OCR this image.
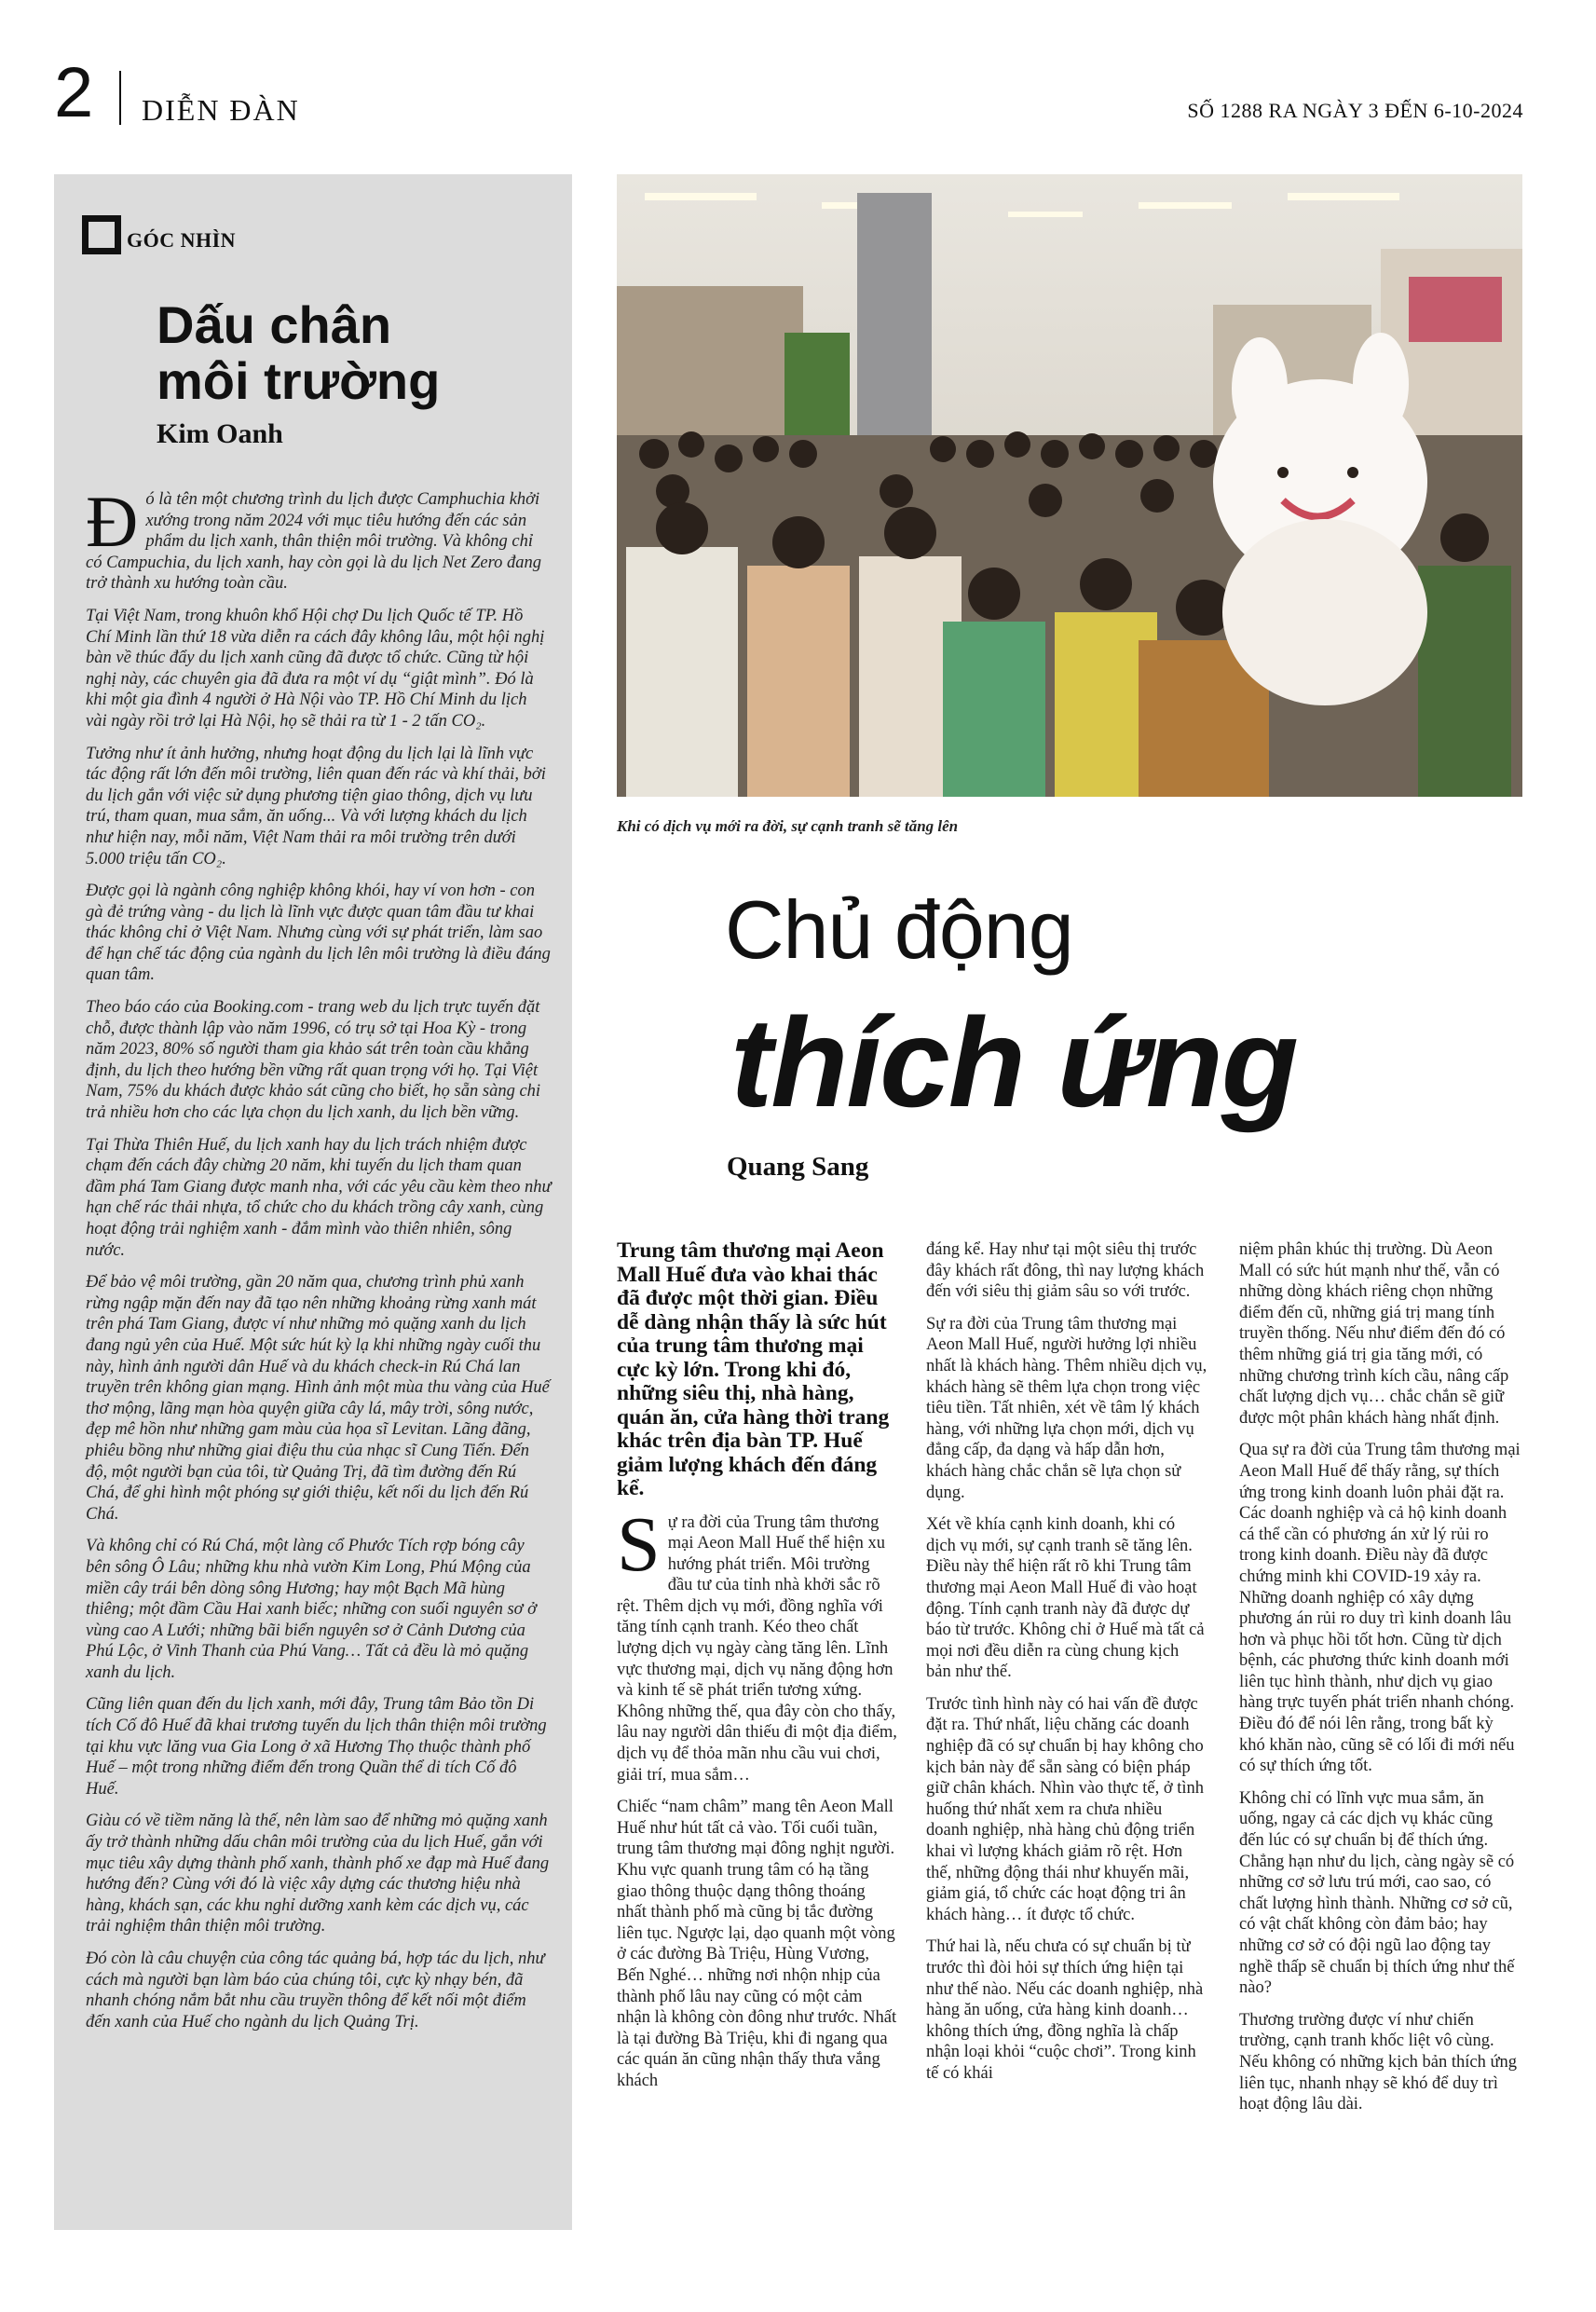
2 DIỄN ĐÀN	SỐ 1288 RA NGÀY 3 ĐẾN 6-10-2024
GÓC NHÌN
Dấu chân
môi trường
Kim Oanh

Đó là tên một chương trình du lịch được Camphuchia khởi xướng trong năm 2024 với mục tiêu hướng đến các sản phẩm du lịch xanh, thân thiện môi trường. Và không chỉ có Campuchia, du lịch xanh, hay còn gọi là du lịch Net Zero đang trở thành xu hướng toàn cầu.

Tại Việt Nam, trong khuôn khổ Hội chợ Du lịch Quốc tế TP. Hồ Chí Minh lần thứ 18 vừa diễn ra cách đây không lâu, một hội nghị bàn về thúc đẩy du lịch xanh cũng đã được tổ chức. Cũng từ hội nghị này, các chuyên gia đã đưa ra một ví dụ “giật mình”. Đó là khi một gia đình 4 người ở Hà Nội vào TP. Hồ Chí Minh du lịch vài ngày rồi trở lại Hà Nội, họ sẽ thải ra từ 1 - 2 tấn CO₂.

Tưởng như ít ảnh hưởng, nhưng hoạt động du lịch lại là lĩnh vực tác động rất lớn đến môi trường, liên quan đến rác và khí thải, bởi du lịch gắn với việc sử dụng phương tiện giao thông, dịch vụ lưu trú, tham quan, mua sắm, ăn uống... Và với lượng khách du lịch như hiện nay, mỗi năm, Việt Nam thải ra môi trường trên dưới 5.000 triệu tấn CO₂.

Được gọi là ngành công nghiệp không khói, hay ví von hơn - con gà đẻ trứng vàng - du lịch là lĩnh vực được quan tâm đầu tư khai thác không chỉ ở Việt Nam. Nhưng cùng với sự phát triển, làm sao để hạn chế tác động của ngành du lịch lên môi trường là điều đáng quan tâm.

Theo báo cáo của Booking.com - trang web du lịch trực tuyến đặt chỗ, được thành lập vào năm 1996, có trụ sở tại Hoa Kỳ - trong năm 2023, 80% số người tham gia khảo sát trên toàn cầu khẳng định, du lịch theo hướng bền vững rất quan trọng với họ. Tại Việt Nam, 75% du khách được khảo sát cũng cho biết, họ sẵn sàng chi trả nhiều hơn cho các lựa chọn du lịch xanh, du lịch bền vững.

Tại Thừa Thiên Huế, du lịch xanh hay du lịch trách nhiệm được chạm đến cách đây chừng 20 năm, khi tuyến du lịch tham quan đầm phá Tam Giang được manh nha, với các yêu cầu kèm theo như hạn chế rác thải nhựa, tổ chức cho du khách trồng cây xanh, cùng hoạt động trải nghiệm xanh - đắm mình vào thiên nhiên, sông nước.

Để bảo vệ môi trường, gần 20 năm qua, chương trình phủ xanh rừng ngập mặn đến nay đã tạo nên những khoảng rừng xanh mát trên phá Tam Giang, được ví như những mỏ quặng xanh du lịch đang ngủ yên của Huế. Một sức hút kỳ lạ khi những ngày cuối thu này, hình ảnh người dân Huế và du khách check-in Rú Chá lan truyền trên không gian mạng. Hình ảnh một mùa thu vàng của Huế thơ mộng, lãng mạn hòa quyện giữa cây lá, mây trời, sông nước, đẹp mê hồn như những gam màu của họa sĩ Levitan. Lãng đãng, phiêu bồng như những giai điệu thu của nhạc sĩ Cung Tiến. Đến độ, một người bạn của tôi, từ Quảng Trị, đã tìm đường đến Rú Chá, để ghi hình một phóng sự giới thiệu, kết nối du lịch đến Rú Chá.

Và không chỉ có Rú Chá, một làng cổ Phước Tích rợp bóng cây bên sông Ô Lâu; những khu nhà vườn Kim Long, Phú Mộng của miền cây trái bên dòng sông Hương; hay một Bạch Mã hùng thiêng; một đầm Cầu Hai xanh biếc; những con suối nguyên sơ ở vùng cao A Lưới; những bãi biển nguyên sơ ở Cảnh Dương của Phú Lộc, ở Vinh Thanh của Phú Vang… Tất cả đều là mỏ quặng xanh du lịch.

Cũng liên quan đến du lịch xanh, mới đây, Trung tâm Bảo tồn Di tích Cố đô Huế đã khai trương tuyến du lịch thân thiện môi trường tại khu vực lăng vua Gia Long ở xã Hương Thọ thuộc thành phố Huế – một trong những điểm đến trong Quần thể di tích Cố đô Huế.

Giàu có về tiềm năng là thế, nên làm sao để những mỏ quặng xanh ấy trở thành những dấu chân môi trường của du lịch Huế, gắn với mục tiêu xây dựng thành phố xanh, thành phố xe đạp mà Huế đang hướng đến? Cùng với đó là việc xây dựng các thương hiệu nhà hàng, khách sạn, các khu nghỉ dưỡng xanh kèm các dịch vụ, các trải nghiệm thân thiện môi trường.

Đó còn là câu chuyện của công tác quảng bá, hợp tác du lịch, như cách mà người bạn làm báo của chúng tôi, cực kỳ nhạy bén, đã nhanh chóng nắm bắt nhu cầu truyền thông để kết nối một điểm đến xanh của Huế cho ngành du lịch Quảng Trị.

Khi có dịch vụ mới ra đời, sự cạnh tranh sẽ tăng lên
Chủ động
thích ứng
Quang Sang

Trung tâm thương mại Aeon Mall Huế đưa vào khai thác đã được một thời gian. Điều dễ dàng nhận thấy là sức hút của trung tâm thương mại cực kỳ lớn. Trong khi đó, những siêu thị, nhà hàng, quán ăn, cửa hàng thời trang khác trên địa bàn TP. Huế giảm lượng khách đến đáng kể.

Sự ra đời của Trung tâm thương mại Aeon Mall Huế thể hiện xu hướng phát triển. Môi trường đầu tư của tỉnh nhà khởi sắc rõ rệt. Thêm dịch vụ mới, đồng nghĩa với tăng tính cạnh tranh. Kéo theo chất lượng dịch vụ ngày càng tăng lên. Lĩnh vực thương mại, dịch vụ năng động hơn và kinh tế sẽ phát triển tương xứng. Không những thế, qua đây còn cho thấy, lâu nay người dân thiếu đi một địa điểm, dịch vụ để thỏa mãn nhu cầu vui chơi, giải trí, mua sắm…

Chiếc “nam châm” mang tên Aeon Mall Huế như hút tất cả vào. Tối cuối tuần, trung tâm thương mại đông nghịt người. Khu vực quanh trung tâm có hạ tầng giao thông thuộc dạng thông thoáng nhất thành phố mà cũng bị tắc đường liên tục. Ngược lại, dạo quanh một vòng ở các đường Bà Triệu, Hùng Vương, Bến Nghé… những nơi nhộn nhịp của thành phố lâu nay cũng có một cảm nhận là không còn đông như trước. Nhất là tại đường Bà Triệu, khi đi ngang qua các quán ăn cũng nhận thấy thưa vắng khách

đáng kể. Hay như tại một siêu thị trước đây khách rất đông, thì nay lượng khách đến với siêu thị giảm sâu so với trước.

Sự ra đời của Trung tâm thương mại Aeon Mall Huế, người hưởng lợi nhiều nhất là khách hàng. Thêm nhiều dịch vụ, khách hàng sẽ thêm lựa chọn trong việc tiêu tiền. Tất nhiên, xét về tâm lý khách hàng, với những lựa chọn mới, dịch vụ đẳng cấp, đa dạng và hấp dẫn hơn, khách hàng chắc chắn sẽ lựa chọn sử dụng.

Xét về khía cạnh kinh doanh, khi có dịch vụ mới, sự cạnh tranh sẽ tăng lên. Điều này thể hiện rất rõ khi Trung tâm thương mại Aeon Mall Huế đi vào hoạt động. Tính cạnh tranh này đã được dự báo từ trước. Không chỉ ở Huế mà tất cả mọi nơi đều diễn ra cùng chung kịch bản như thế.

Trước tình hình này có hai vấn đề được đặt ra. Thứ nhất, liệu chăng các doanh nghiệp đã có sự chuẩn bị hay không cho kịch bản này để sẵn sàng có biện pháp giữ chân khách. Nhìn vào thực tế, ở tình huống thứ nhất xem ra chưa nhiều doanh nghiệp, nhà hàng chủ động triển khai vì lượng khách giảm rõ rệt. Hơn thế, những động thái như khuyến mãi, giảm giá, tổ chức các hoạt động tri ân khách hàng… ít được tổ chức.

Thứ hai là, nếu chưa có sự chuẩn bị từ trước thì đòi hỏi sự thích ứng hiện tại như thế nào. Nếu các doanh nghiệp, nhà hàng ăn uống, cửa hàng kinh doanh… không thích ứng, đồng nghĩa là chấp nhận loại khỏi “cuộc chơi”. Trong kinh tế có khái

niệm phân khúc thị trường. Dù Aeon Mall có sức hút mạnh như thế, vẫn có những dòng khách riêng chọn những điểm đến cũ, những giá trị mang tính truyền thống. Nếu như điểm đến đó có thêm những giá trị gia tăng mới, có những chương trình kích cầu, nâng cấp chất lượng dịch vụ… chắc chắn sẽ giữ được một phân khách hàng nhất định.

Qua sự ra đời của Trung tâm thương mại Aeon Mall Huế để thấy rằng, sự thích ứng trong kinh doanh luôn phải đặt ra. Các doanh nghiệp và cả hộ kinh doanh cá thể cần có phương án xử lý rủi ro trong kinh doanh. Điều này đã được chứng minh khi COVID-19 xảy ra. Những doanh nghiệp có xây dựng phương án rủi ro duy trì kinh doanh lâu hơn và phục hồi tốt hơn. Cũng từ dịch bệnh, các phương thức kinh doanh mới liên tục hình thành, như dịch vụ giao hàng trực tuyến phát triển nhanh chóng. Điều đó để nói lên rằng, trong bất kỳ khó khăn nào, cũng sẽ có lối đi mới nếu có sự thích ứng tốt.

Không chỉ có lĩnh vực mua sắm, ăn uống, ngay cả các dịch vụ khác cũng đến lúc có sự chuẩn bị để thích ứng. Chẳng hạn như du lịch, càng ngày sẽ có những cơ sở lưu trú mới, cao sao, có chất lượng hình thành. Những cơ sở cũ, có vật chất không còn đảm bảo; hay những cơ sở có đội ngũ lao động tay nghề thấp sẽ chuẩn bị thích ứng như thế nào?

Thương trường được ví như chiến trường, cạnh tranh khốc liệt vô cùng. Nếu không có những kịch bản thích ứng liên tục, nhanh nhạy sẽ khó để duy trì hoạt động lâu dài.
